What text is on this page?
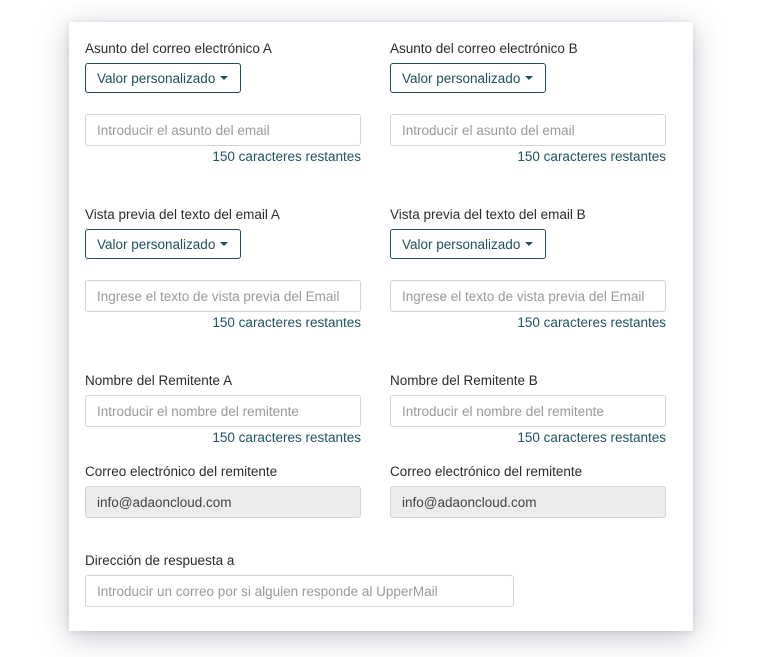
Asunto del correo electrónico A
Valor personalizado
Introducir el asunto del email
150 caracteres restantes
Asunto del correo electrónico B
Valor personalizado
Introducir el asunto del email
150 caracteres restantes
Vista previa del texto del email A
Valor personalizado
Ingrese el texto de vista previa del Email
150 caracteres restantes
Vista previa del texto del email B
Valor personalizado
Ingrese el texto de vista previa del Email
150 caracteres restantes
Nombre del Remitente A
Introducir el nombre del remitente
150 caracteres restantes
Nombre del Remitente B
Introducir el nombre del remitente
150 caracteres restantes
Correo electrónico del remitente
info@adaoncloud.com
Correo electrónico del remitente
info@adaoncloud.com
Dirección de respuesta a
Introducir un correo por si alguien responde al UpperMail
